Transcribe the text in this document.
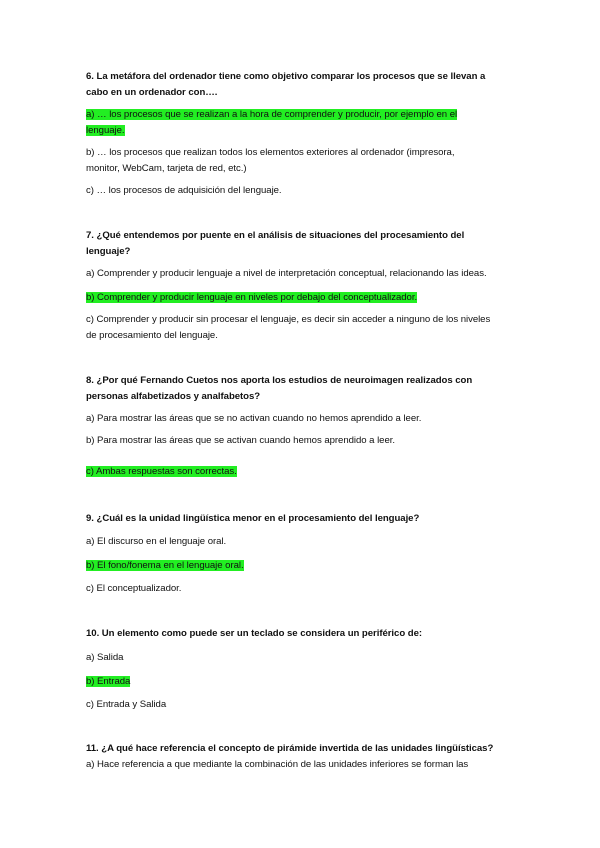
6. La metáfora del ordenador tiene como objetivo comparar los procesos que se llevan a
cabo en un ordenador con….
a) … los procesos que se realizan a la hora de comprender y producir, por ejemplo en el
lenguaje.
b) … los procesos que realizan todos los elementos exteriores al ordenador (impresora,
monitor, WebCam, tarjeta de red, etc.)
c) … los procesos de adquisición del lenguaje.
7. ¿Qué entendemos por puente en el análisis de situaciones del procesamiento del
lenguaje?
a) Comprender y producir lenguaje a nivel de interpretación conceptual, relacionando las ideas.
b) Comprender y producir lenguaje en niveles por debajo del conceptualizador.
c) Comprender y producir sin procesar el lenguaje, es decir sin acceder a ninguno de los niveles
de procesamiento del lenguaje.
8. ¿Por qué Fernando Cuetos nos aporta los estudios de neuroimagen realizados con
personas alfabetizados y analfabetos?
a) Para mostrar las áreas que se no activan cuando no hemos aprendido a leer.
b) Para mostrar las áreas que se activan cuando hemos aprendido a leer.
c) Ambas respuestas son correctas.
9. ¿Cuál es la unidad lingüística menor en el procesamiento del lenguaje?
a) El discurso en el lenguaje oral.
b) El fono/fonema en el lenguaje oral.
c) El conceptualizador.
10. Un elemento como puede ser un teclado se considera un periférico de:
a) Salida
b) Entrada
c) Entrada y Salida
11. ¿A qué hace referencia el concepto de pirámide invertida de las unidades lingüísticas?
a) Hace referencia a que mediante la combinación de las unidades inferiores se forman las
